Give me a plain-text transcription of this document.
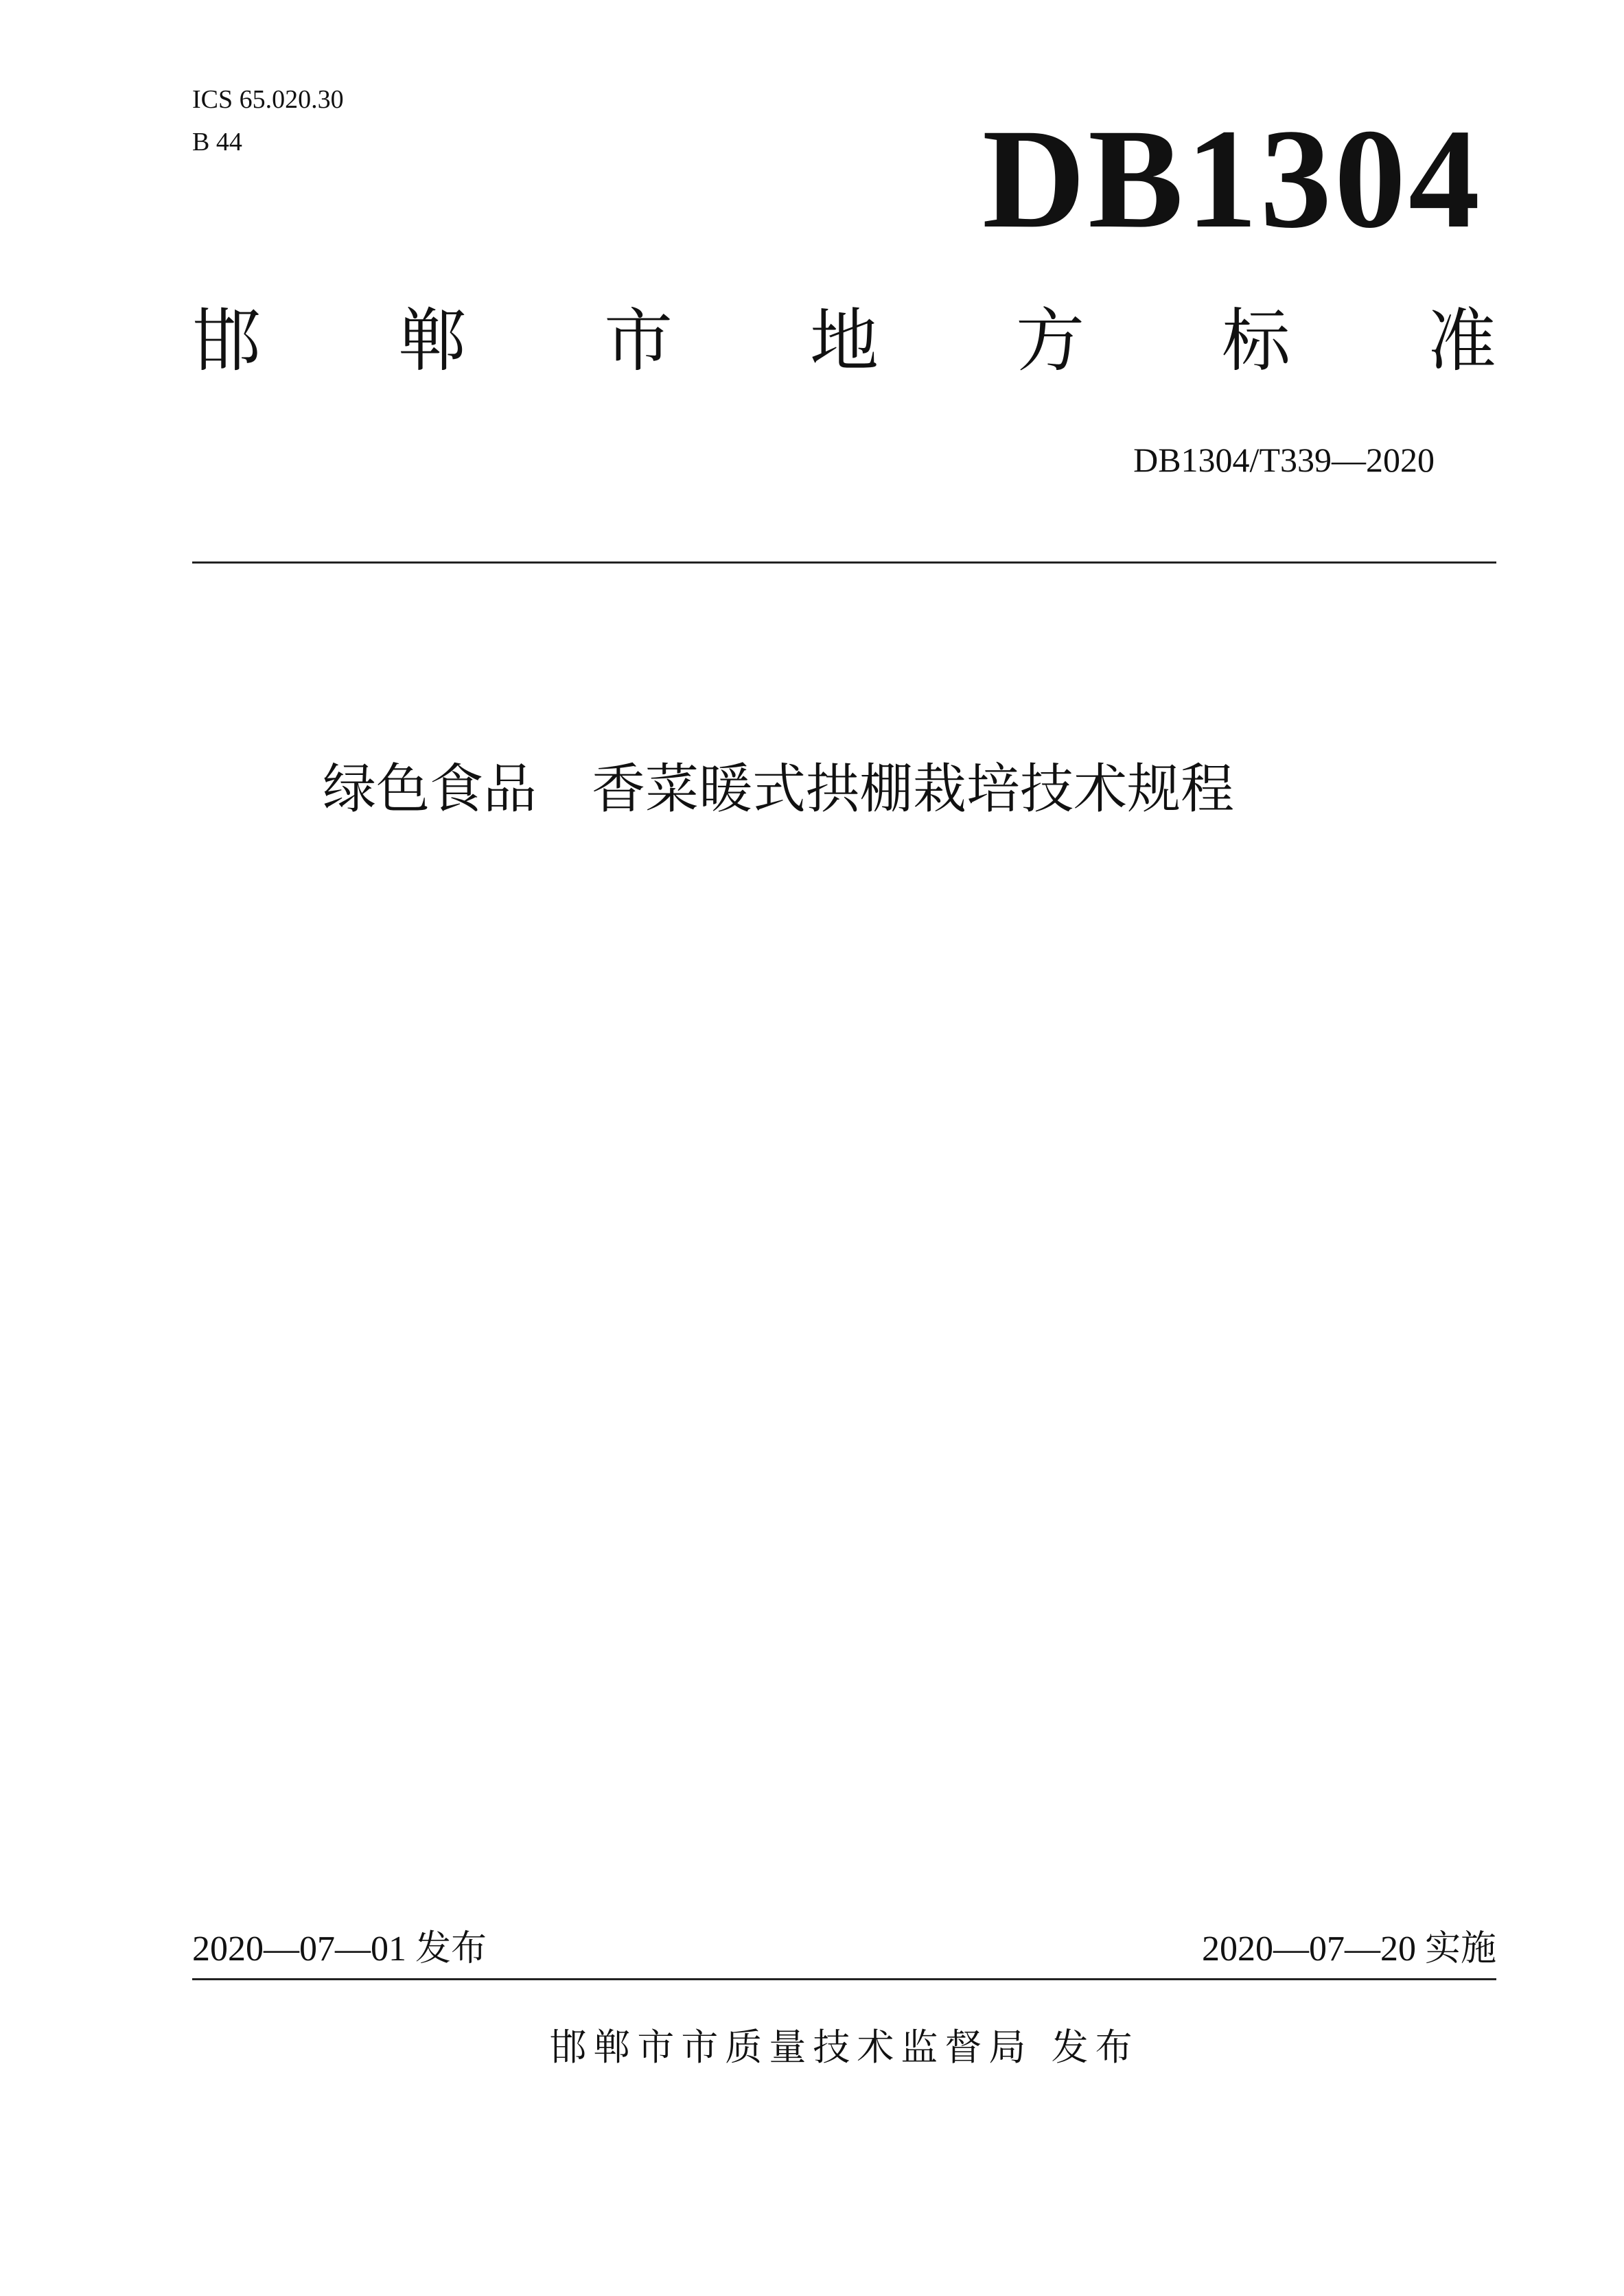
ICS 65.020.30
B 44	DB1304
邯 郸 市 地 方 标 准
DB1304/T339—2020
绿色食品 香菜暖式拱棚栽培技术规程
2020—07—01 发布	2020—07—20 实施
邯郸市市质量技术监督局 发布
